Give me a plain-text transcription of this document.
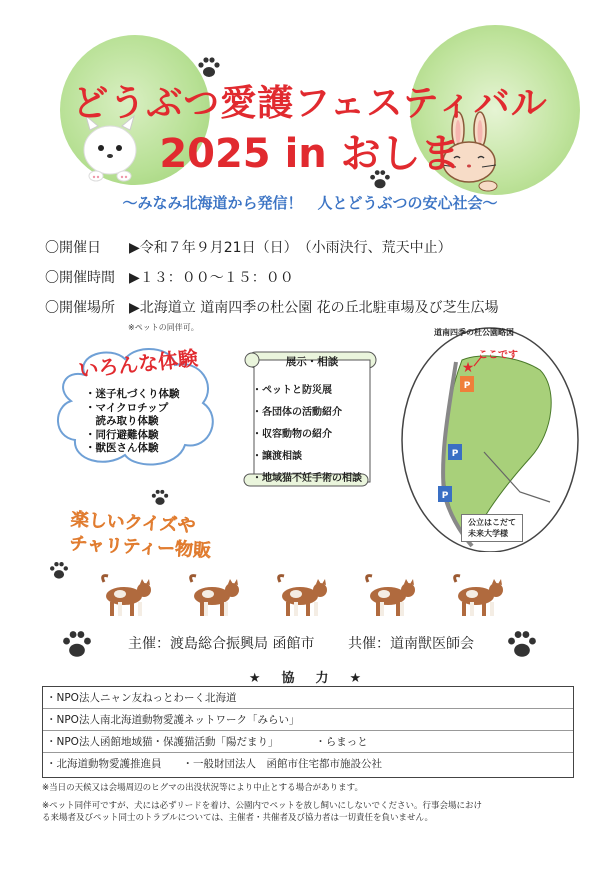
どうぶつ愛護フェスティバル
2025 in おしま
～みなみ北海道から発信！　人とどうぶつの安心社会～
〇開催日 ▶令和７年９月21日（日）　（小雨決行、荒天中止）
〇開催時間 ▶１３：００～１５：００
〇開催場所 ▶北海道立 道南四季の杜公園 花の丘北駐車場及び芝生広場
※ペットの同伴可。
いろんな体験
・迷子札づくり体験
・マイクロチップ
　読み取り体験
・同行避難体験
・獣医さん体験
展示・相談
・ペットと防災展
・各団体の活動紹介
・収容動物の紹介
・譲渡相談
・地域猫不妊手術の相談
P
P
P
★
道南四季の杜公園略図
ここです
公立はこだて
未来大学様
楽しいクイズや
チャリティー物販
主催：渡島総合振興局 函館市 共催：道南獣医師会
★　協　力　★
・NPO法人ニャン友ねっとわーく北海道
・NPO法人南北海道動物愛護ネットワーク「みらい」
・NPO法人函館地域猫・保護猫活動「陽だまり」　　　　・らまっと
・北海道動物愛護推進員　　・一般財団法人　函館市住宅都市施設公社
※当日の天候又は会場周辺のヒグマの出没状況等により中止とする場合があります。
※ペット同伴可ですが、犬には必ずリードを着け、公園内でペットを放し飼いにしないでください。行事会場におけ
る来場者及びペット同士のトラブルについては、主催者・共催者及び協力者は一切責任を負いません。
